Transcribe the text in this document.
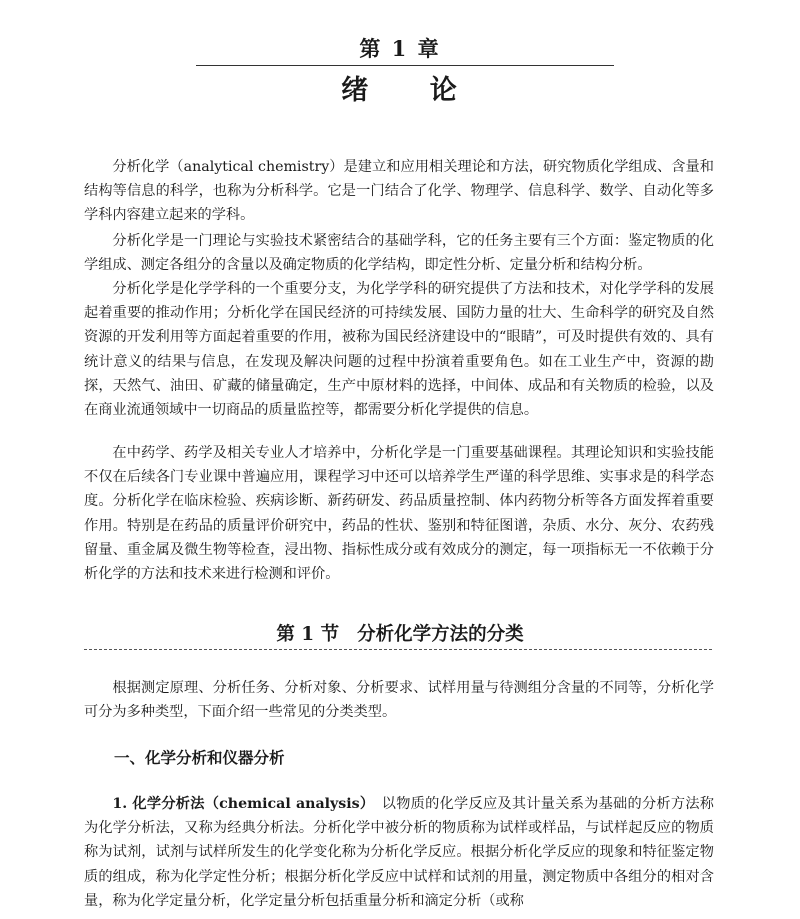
第 1 章
绪 论

分析化学（analytical chemistry）是建立和应用相关理论和方法，研究物质化学组成、含量和结构等信息的科学，也称为分析科学。它是一门结合了化学、物理学、信息科学、数学、自动化等多学科内容建立起来的学科。

分析化学是一门理论与实验技术紧密结合的基础学科，它的任务主要有三个方面：鉴定物质的化学组成、测定各组分的含量以及确定物质的化学结构，即定性分析、定量分析和结构分析。

分析化学是化学学科的一个重要分支，为化学学科的研究提供了方法和技术，对化学学科的发展起着重要的推动作用；分析化学在国民经济的可持续发展、国防力量的壮大、生命科学的研究及自然资源的开发利用等方面起着重要的作用，被称为国民经济建设中的“眼睛”，可及时提供有效的、具有统计意义的结果与信息，在发现及解决问题的过程中扮演着重要角色。如在工业生产中，资源的勘探，天然气、油田、矿藏的储量确定，生产中原材料的选择，中间体、成品和有关物质的检验，以及在商业流通领域中一切商品的质量监控等，都需要分析化学提供的信息。

在中药学、药学及相关专业人才培养中，分析化学是一门重要基础课程。其理论知识和实验技能不仅在后续各门专业课中普遍应用，课程学习中还可以培养学生严谨的科学思维、实事求是的科学态度。分析化学在临床检验、疾病诊断、新药研发、药品质量控制、体内药物分析等各方面发挥着重要作用。特别是在药品的质量评价研究中，药品的性状、鉴别和特征图谱，杂质、水分、灰分、农药残留量、重金属及微生物等检查，浸出物、指标性成分或有效成分的测定，每一项指标无一不依赖于分析化学的方法和技术来进行检测和评价。

第 1 节 分析化学方法的分类

根据测定原理、分析任务、分析对象、分析要求、试样用量与待测组分含量的不同等，分析化学可分为多种类型，下面介绍一些常见的分类类型。

一、化学分析和仪器分析

1. 化学分析法（chemical analysis）　以物质的化学反应及其计量关系为基础的分析方法称为化学分析法，又称为经典分析法。分析化学中被分析的物质称为试样或样品，与试样起反应的物质称为试剂，试剂与试样所发生的化学变化称为分析化学反应。根据分析化学反应的现象和特征鉴定物质的组成，称为化学定性分析；根据分析化学反应中试样和试剂的用量，测定物质中各组分的相对含量，称为化学定量分析，化学定量分析包括重量分析和滴定分析（或称
